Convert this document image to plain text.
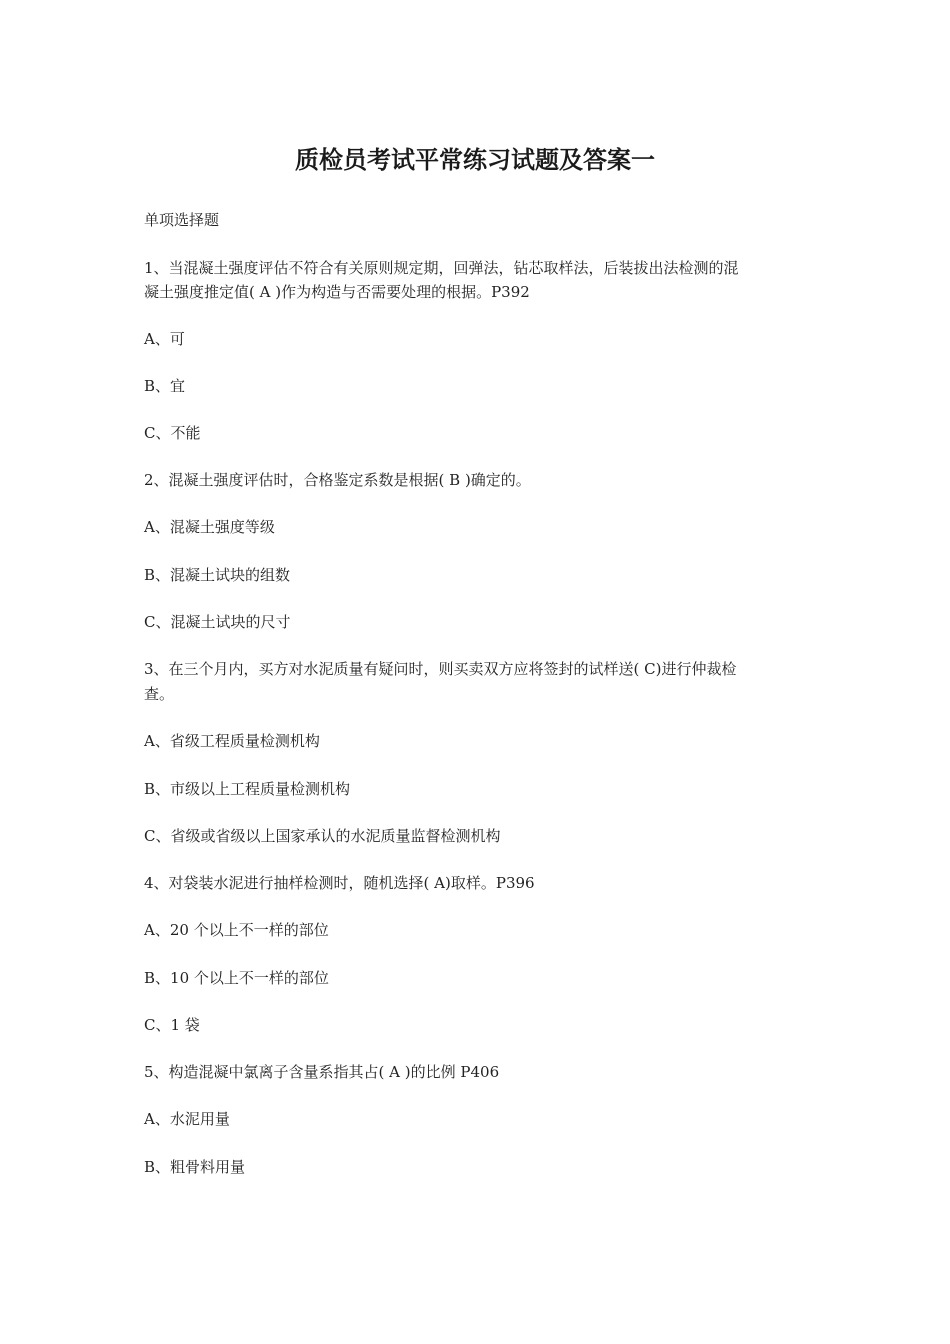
质检员考试平常练习试题及答案一

单项选择题

1、当混凝土强度评估不符合有关原则规定期，回弹法，钻芯取样法，后装拔出法检测的混

凝土强度推定值( A )作为构造与否需要处理的根据。P392

A、可

B、宜

C、不能

2、混凝土强度评估时，合格鉴定系数是根据( B )确定的。

A、混凝土强度等级

B、混凝土试块的组数

C、混凝土试块的尺寸

3、在三个月内，买方对水泥质量有疑问时，则买卖双方应将签封的试样送( C)进行仲裁检

查。

A、省级工程质量检测机构

B、市级以上工程质量检测机构

C、省级或省级以上国家承认的水泥质量监督检测机构

4、对袋装水泥进行抽样检测时，随机选择( A)取样。P396

A、20 个以上不一样的部位

B、10 个以上不一样的部位

C、1 袋

5、构造混凝中氯离子含量系指其占( A )的比例 P406

A、水泥用量

B、粗骨料用量
